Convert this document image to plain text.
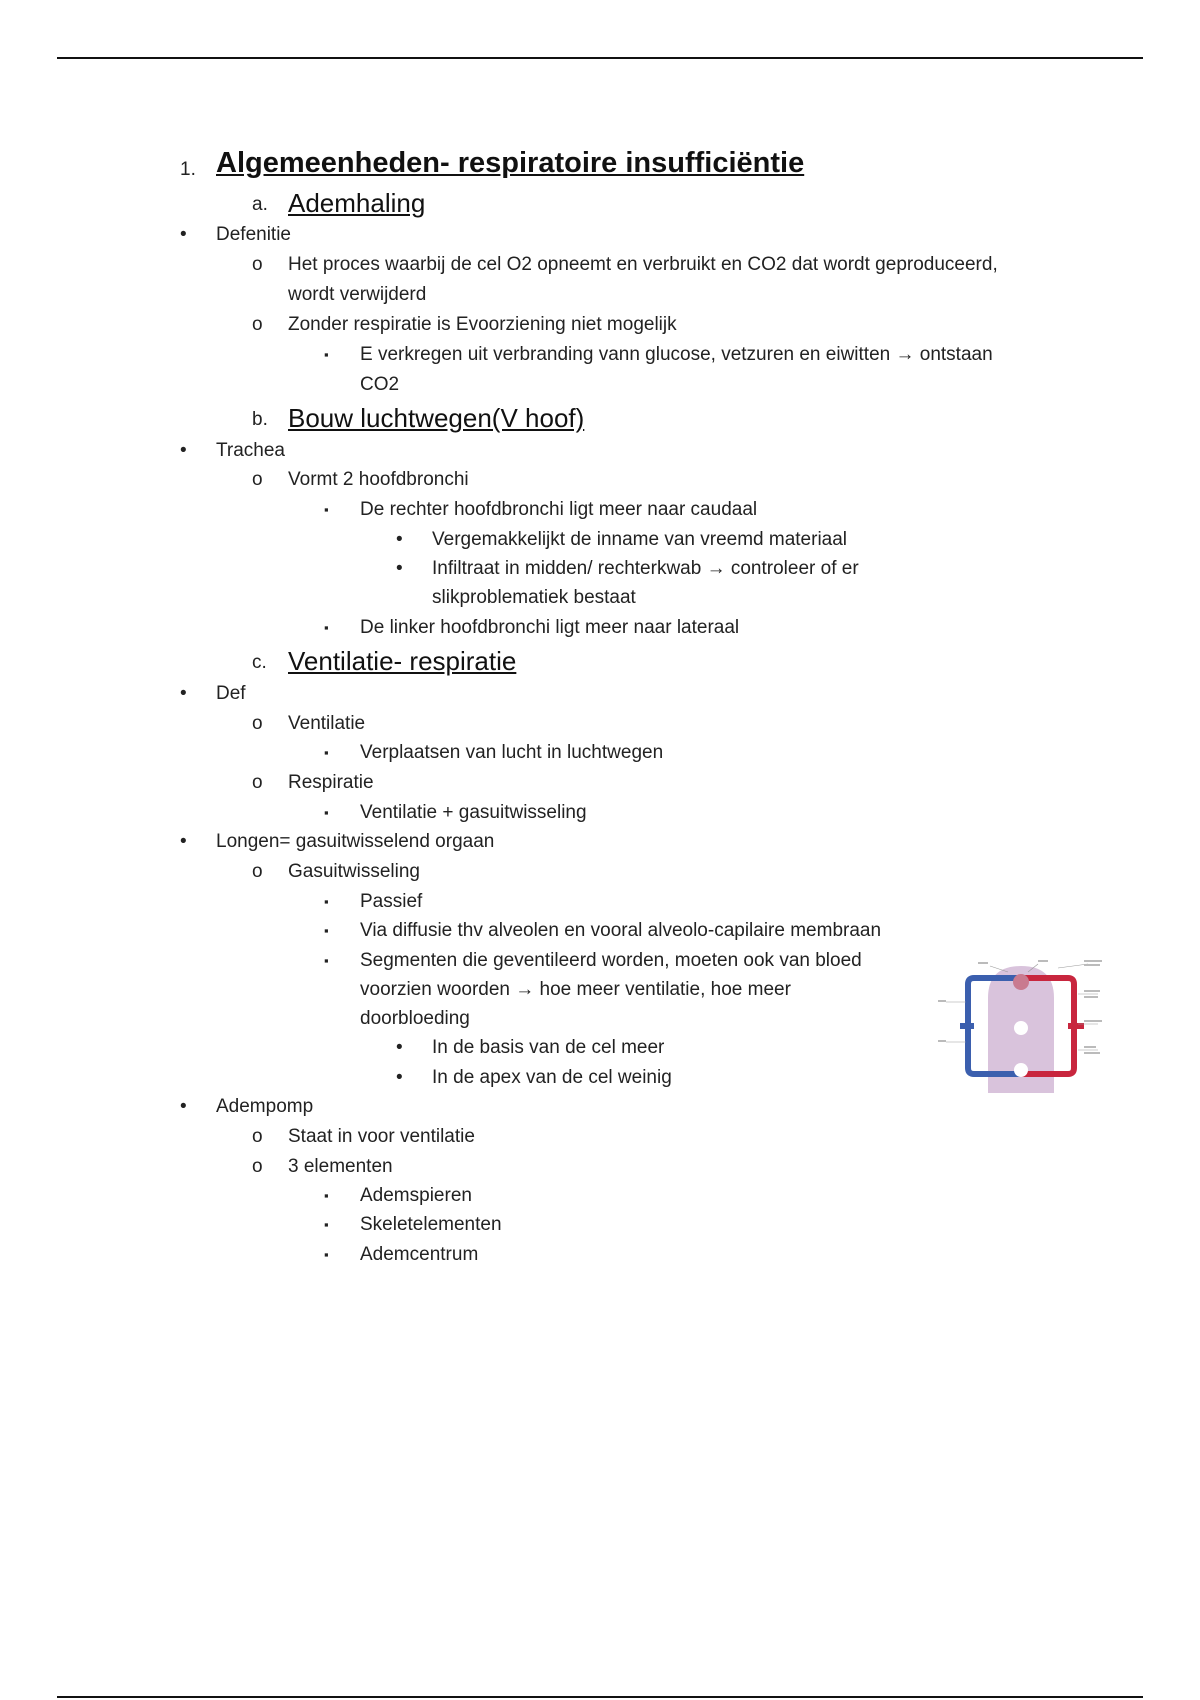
1. Algemeenheden- respiratoire insufficiëntie
a. Ademhaling
• Defenitie
o Het proces waarbij de cel O2 opneemt en verbruikt en CO2 dat wordt geproduceerd,
wordt verwijderd
o Zonder respiratie is Evoorziening niet mogelijk
▪ E verkregen uit verbranding vann glucose, vetzuren en eiwitten → ontstaan
CO2
b. Bouw luchtwegen(V hoof)
• Trachea
o Vormt 2 hoofdbronchi
▪ De rechter hoofdbronchi ligt meer naar caudaal
• Vergemakkelijkt de inname van vreemd materiaal
• Infiltraat in midden/ rechterkwab → controleer of er
slikproblematiek bestaat
▪ De linker hoofdbronchi ligt meer naar lateraal
c. Ventilatie- respiratie
• Def
o Ventilatie
▪ Verplaatsen van lucht in luchtwegen
o Respiratie
▪ Ventilatie + gasuitwisseling
• Longen= gasuitwisselend orgaan
o Gasuitwisseling
▪ Passief
▪ Via diffusie thv alveolen en vooral alveolo-capilaire membraan
▪ Segmenten die geventileerd worden, moeten ook van bloed
voorzien woorden → hoe meer ventilatie, hoe meer
doorbloeding
• In de basis van de cel meer
• In de apex van de cel weinig
• Adempomp
o Staat in voor ventilatie
o 3 elementen
▪ Ademspieren
▪ Skeletelementen
▪ Ademcentrum
